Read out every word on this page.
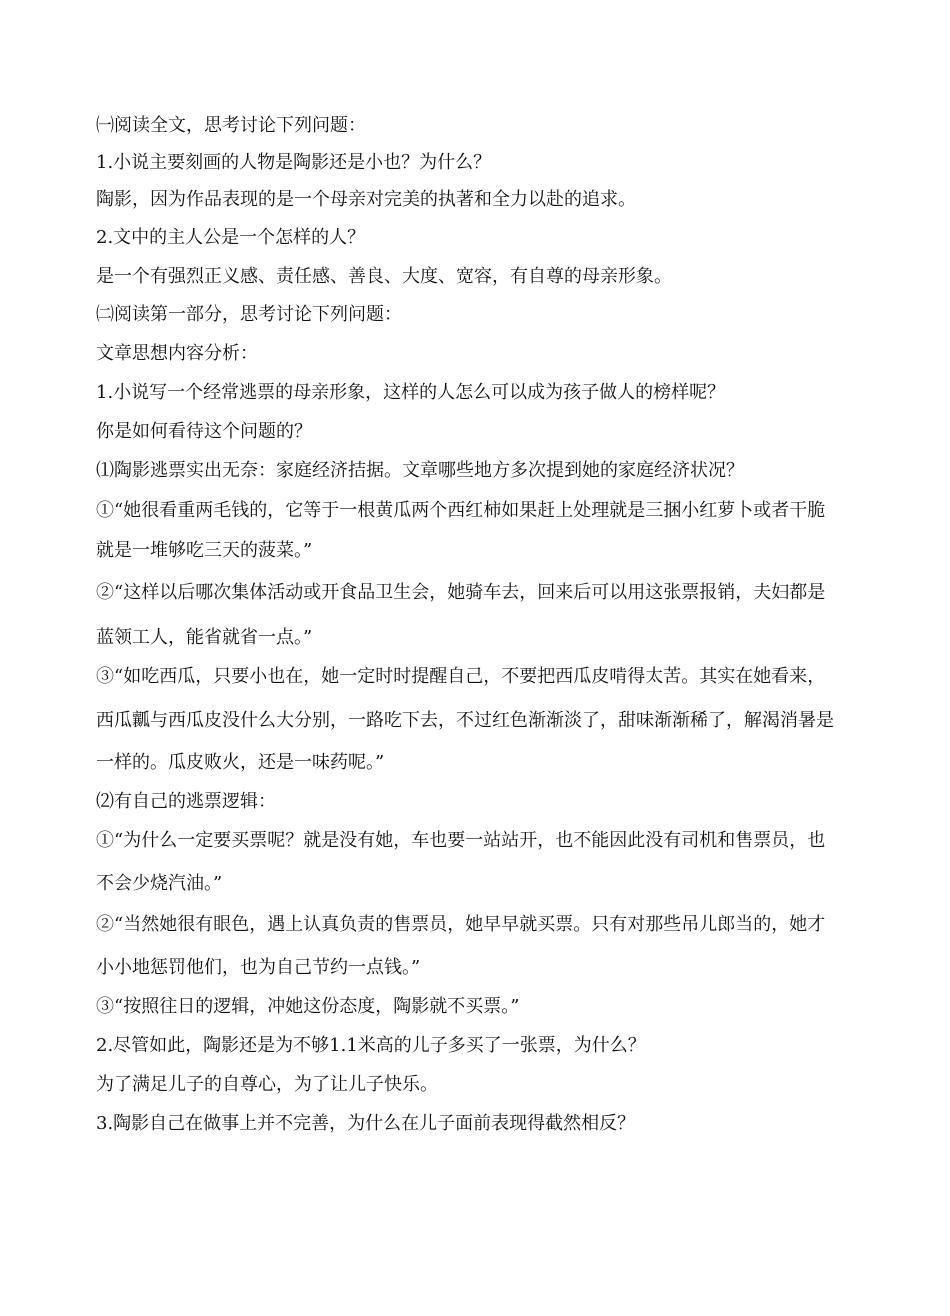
㈠阅读全文，思考讨论下列问题：
1.小说主要刻画的人物是陶影还是小也？为什么？
陶影，因为作品表现的是一个母亲对完美的执著和全力以赴的追求。
2.文中的主人公是一个怎样的人？
是一个有强烈正义感、责任感、善良、大度、宽容，有自尊的母亲形象。
㈡阅读第一部分，思考讨论下列问题：
文章思想内容分析：
1.小说写一个经常逃票的母亲形象，这样的人怎么可以成为孩子做人的榜样呢？
你是如何看待这个问题的？
⑴陶影逃票实出无奈：家庭经济拮据。文章哪些地方多次提到她的家庭经济状况？
①“她很看重两毛钱的，它等于一根黄瓜两个西红柿如果赶上处理就是三捆小红萝卜或者干脆
就是一堆够吃三天的菠菜。”
②“这样以后哪次集体活动或开食品卫生会，她骑车去，回来后可以用这张票报销，夫妇都是
蓝领工人，能省就省一点。”
③“如吃西瓜，只要小也在，她一定时时提醒自己，不要把西瓜皮啃得太苦。其实在她看来，
西瓜瓤与西瓜皮没什么大分别，一路吃下去，不过红色渐渐淡了，甜味渐渐稀了，解渴消暑是
一样的。瓜皮败火，还是一味药呢。”
⑵有自己的逃票逻辑：
①“为什么一定要买票呢？就是没有她，车也要一站站开，也不能因此没有司机和售票员，也
不会少烧汽油。”
②“当然她很有眼色，遇上认真负责的售票员，她早早就买票。只有对那些吊儿郎当的，她才
小小地惩罚他们，也为自己节约一点钱。”
③“按照往日的逻辑，冲她这份态度，陶影就不买票。”
2.尽管如此，陶影还是为不够1.1米高的儿子多买了一张票，为什么？
为了满足儿子的自尊心，为了让儿子快乐。
3.陶影自己在做事上并不完善，为什么在儿子面前表现得截然相反？
